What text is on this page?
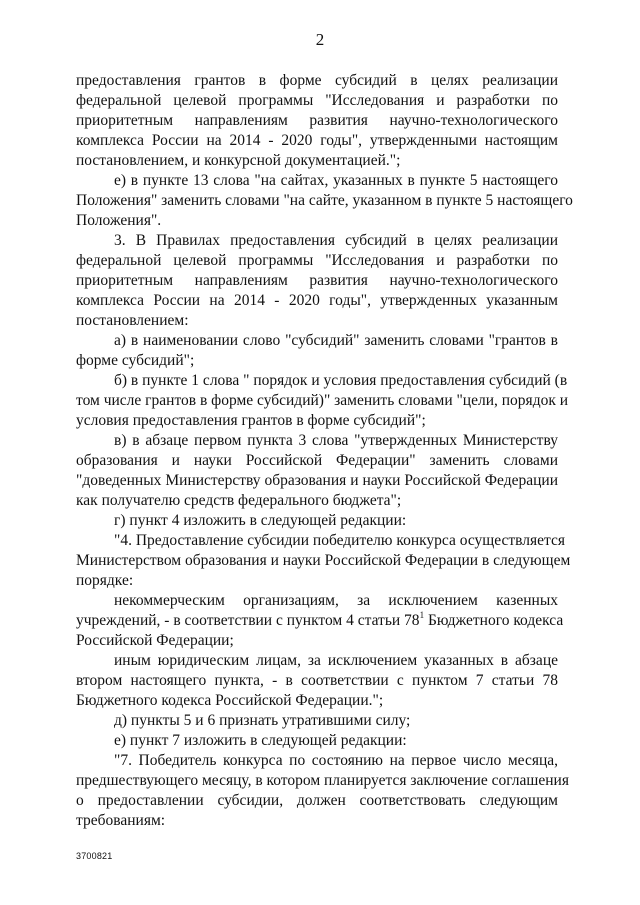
2
предоставления грантов в форме субсидий в целях реализации
федеральной целевой программы "Исследования и разработки по
приоритетным направлениям развития научно-технологического
комплекса России на 2014 - 2020 годы", утвержденными настоящим
постановлением, и конкурсной документацией.";
е) в пункте 13 слова "на сайтах, указанных в пункте 5 настоящего
Положения" заменить словами "на сайте, указанном в пункте 5 настоящего
Положения".
3. В Правилах предоставления субсидий в целях реализации
федеральной целевой программы "Исследования и разработки по
приоритетным направлениям развития научно-технологического
комплекса России на 2014 - 2020 годы", утвержденных указанным
постановлением:
а) в наименовании слово "субсидий" заменить словами "грантов в
форме субсидий";
б) в пункте 1 слова " порядок и условия предоставления субсидий (в
том числе грантов в форме субсидий)" заменить словами "цели, порядок и
условия предоставления грантов в форме субсидий";
в) в абзаце первом пункта 3 слова "утвержденных Министерству
образования и науки Российской Федерации" заменить словами
"доведенных Министерству образования и науки Российской Федерации
как получателю средств федерального бюджета";
г) пункт 4 изложить в следующей редакции:
"4. Предоставление субсидии победителю конкурса осуществляется
Министерством образования и науки Российской Федерации в следующем
порядке:
некоммерческим организациям, за исключением казенных
учреждений, - в соответствии с пунктом 4 статьи $78^1$ Бюджетного кодекса
Российской Федерации;
иным юридическим лицам, за исключением указанных в абзаце
втором настоящего пункта, - в соответствии с пунктом 7 статьи 78
Бюджетного кодекса Российской Федерации.";
д) пункты 5 и 6 признать утратившими силу;
е) пункт 7 изложить в следующей редакции:
"7. Победитель конкурса по состоянию на первое число месяца,
предшествующего месяцу, в котором планируется заключение соглашения
о предоставлении субсидии, должен соответствовать следующим
требованиям:
3700821
